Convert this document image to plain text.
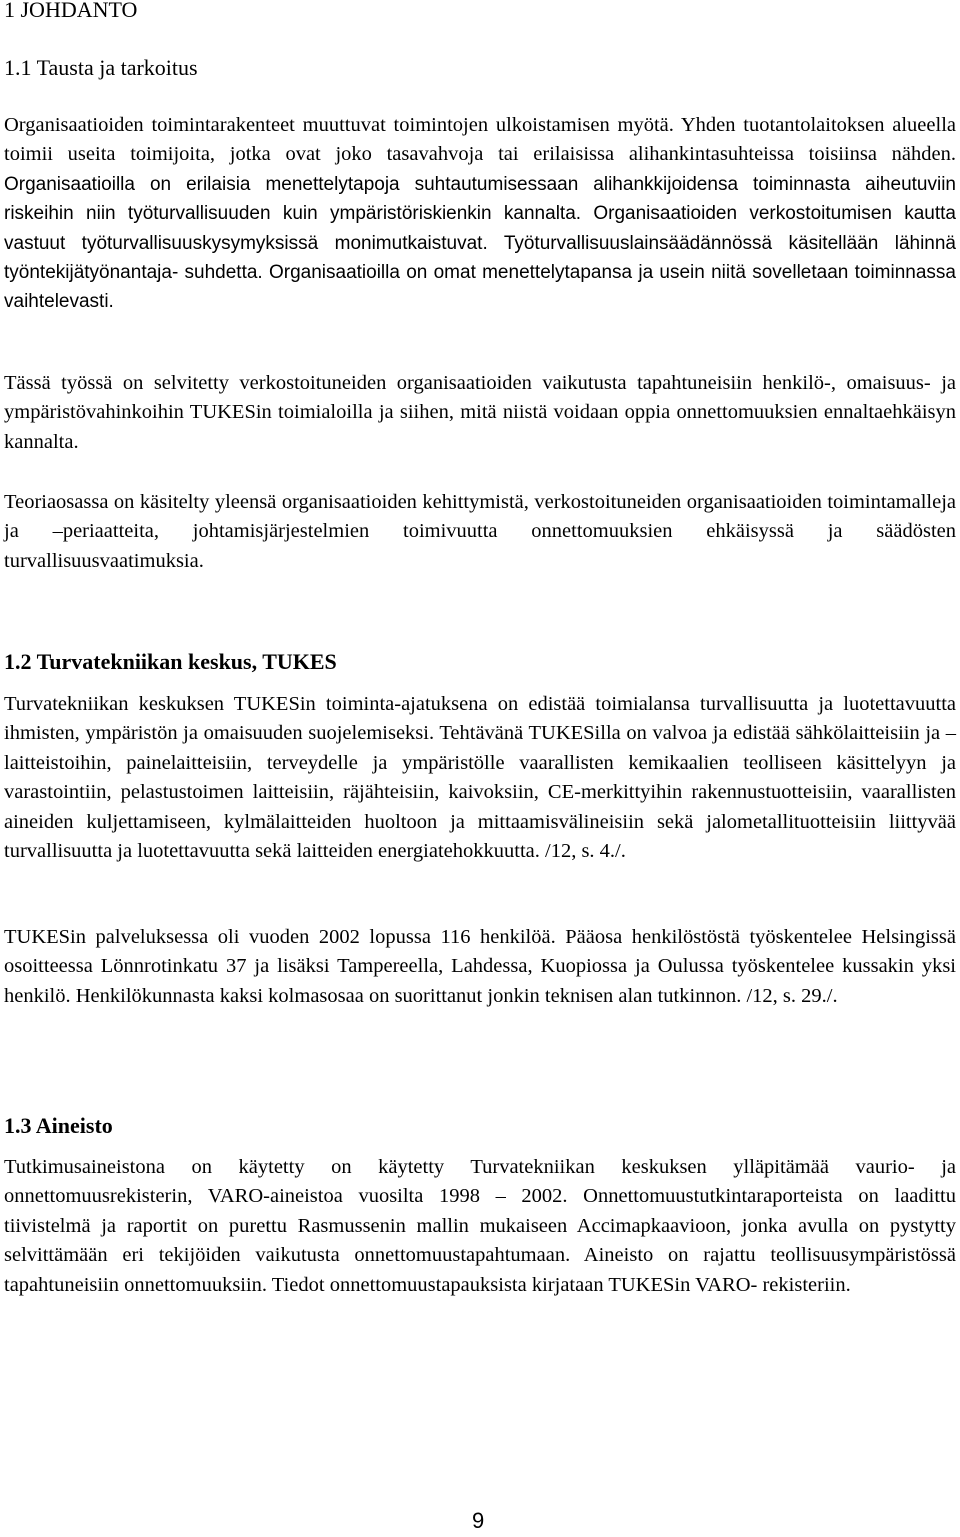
1 JOHDANTO
1.1 Tausta ja tarkoitus

Organisaatioiden toimintarakenteet muuttuvat toimintojen ulkoistamisen myötä. Yhden tuotantolaitoksen alueella toimii useita toimijoita, jotka ovat joko tasavahvoja tai erilaisissa alihankintasuhteissa toisiinsa nähden. Organisaatioilla on erilaisia menettelytapoja suhtautumisessaan alihankkijoidensa toiminnasta aiheutuviin riskeihin niin työturvallisuuden kuin ympäristöriskienkin kannalta. Organisaatioiden verkostoitumisen kautta vastuut työturvallisuuskysymyksissä monimutkaistuvat. Työturvallisuuslainsäädännössä käsitellään lähinnä työntekijätyönantaja- suhdetta. Organisaatioilla on omat menettelytapansa ja usein niitä sovelletaan toiminnassa vaihtelevasti.

Tässä työssä on selvitetty verkostoituneiden organisaatioiden vaikutusta tapahtuneisiin henkilö-, omaisuus- ja ympäristövahinkoihin TUKESin toimialoilla ja siihen, mitä niistä voidaan oppia onnettomuuksien ennaltaehkäisyn kannalta.

Teoriaosassa on käsitelty yleensä organisaatioiden kehittymistä, verkostoituneiden organisaatioiden toimintamalleja ja –periaatteita, johtamisjärjestelmien toimivuutta onnettomuuksien ehkäisyssä ja säädösten turvallisuusvaatimuksia.

1.2 Turvatekniikan keskus, TUKES

Turvatekniikan keskuksen TUKESin toiminta-ajatuksena on edistää toimialansa turvallisuutta ja luotettavuutta ihmisten, ympäristön ja omaisuuden suojelemiseksi. Tehtävänä TUKESilla on valvoa ja edistää sähkölaitteisiin ja –laitteistoihin, painelaitteisiin, terveydelle ja ympäristölle vaarallisten kemikaalien teolliseen käsittelyyn ja varastointiin, pelastustoimen laitteisiin, räjähteisiin, kaivoksiin, CE-merkittyihin rakennustuotteisiin, vaarallisten aineiden kuljettamiseen, kylmälaitteiden huoltoon ja mittaamisvälineisiin sekä jalometallituotteisiin liittyvää turvallisuutta ja luotettavuutta sekä laitteiden energiatehokkuutta. /12, s. 4./.

TUKESin palveluksessa oli vuoden 2002 lopussa 116 henkilöä. Pääosa henkilöstöstä työskentelee Helsingissä osoitteessa Lönnrotinkatu 37 ja lisäksi Tampereella, Lahdessa, Kuopiossa ja Oulussa työskentelee kussakin yksi henkilö. Henkilökunnasta kaksi kolmasosaa on suorittanut jonkin teknisen alan tutkinnon. /12, s. 29./.

1.3 Aineisto

Tutkimusaineistona on käytetty on käytetty Turvatekniikan keskuksen ylläpitämää vaurio- ja onnettomuusrekisterin, VARO-aineistoa vuosilta 1998 – 2002. Onnettomuustutkintaraporteista on laadittu tiivistelmä ja raportit on purettu Rasmussenin mallin mukaiseen Accimapkaavioon, jonka avulla on pystytty selvittämään eri tekijöiden vaikutusta onnettomuustapahtumaan. Aineisto on rajattu teollisuusympäristössä tapahtuneisiin onnettomuuksiin. Tiedot onnettomuustapauksista kirjataan TUKESin VARO- rekisteriin.

9
